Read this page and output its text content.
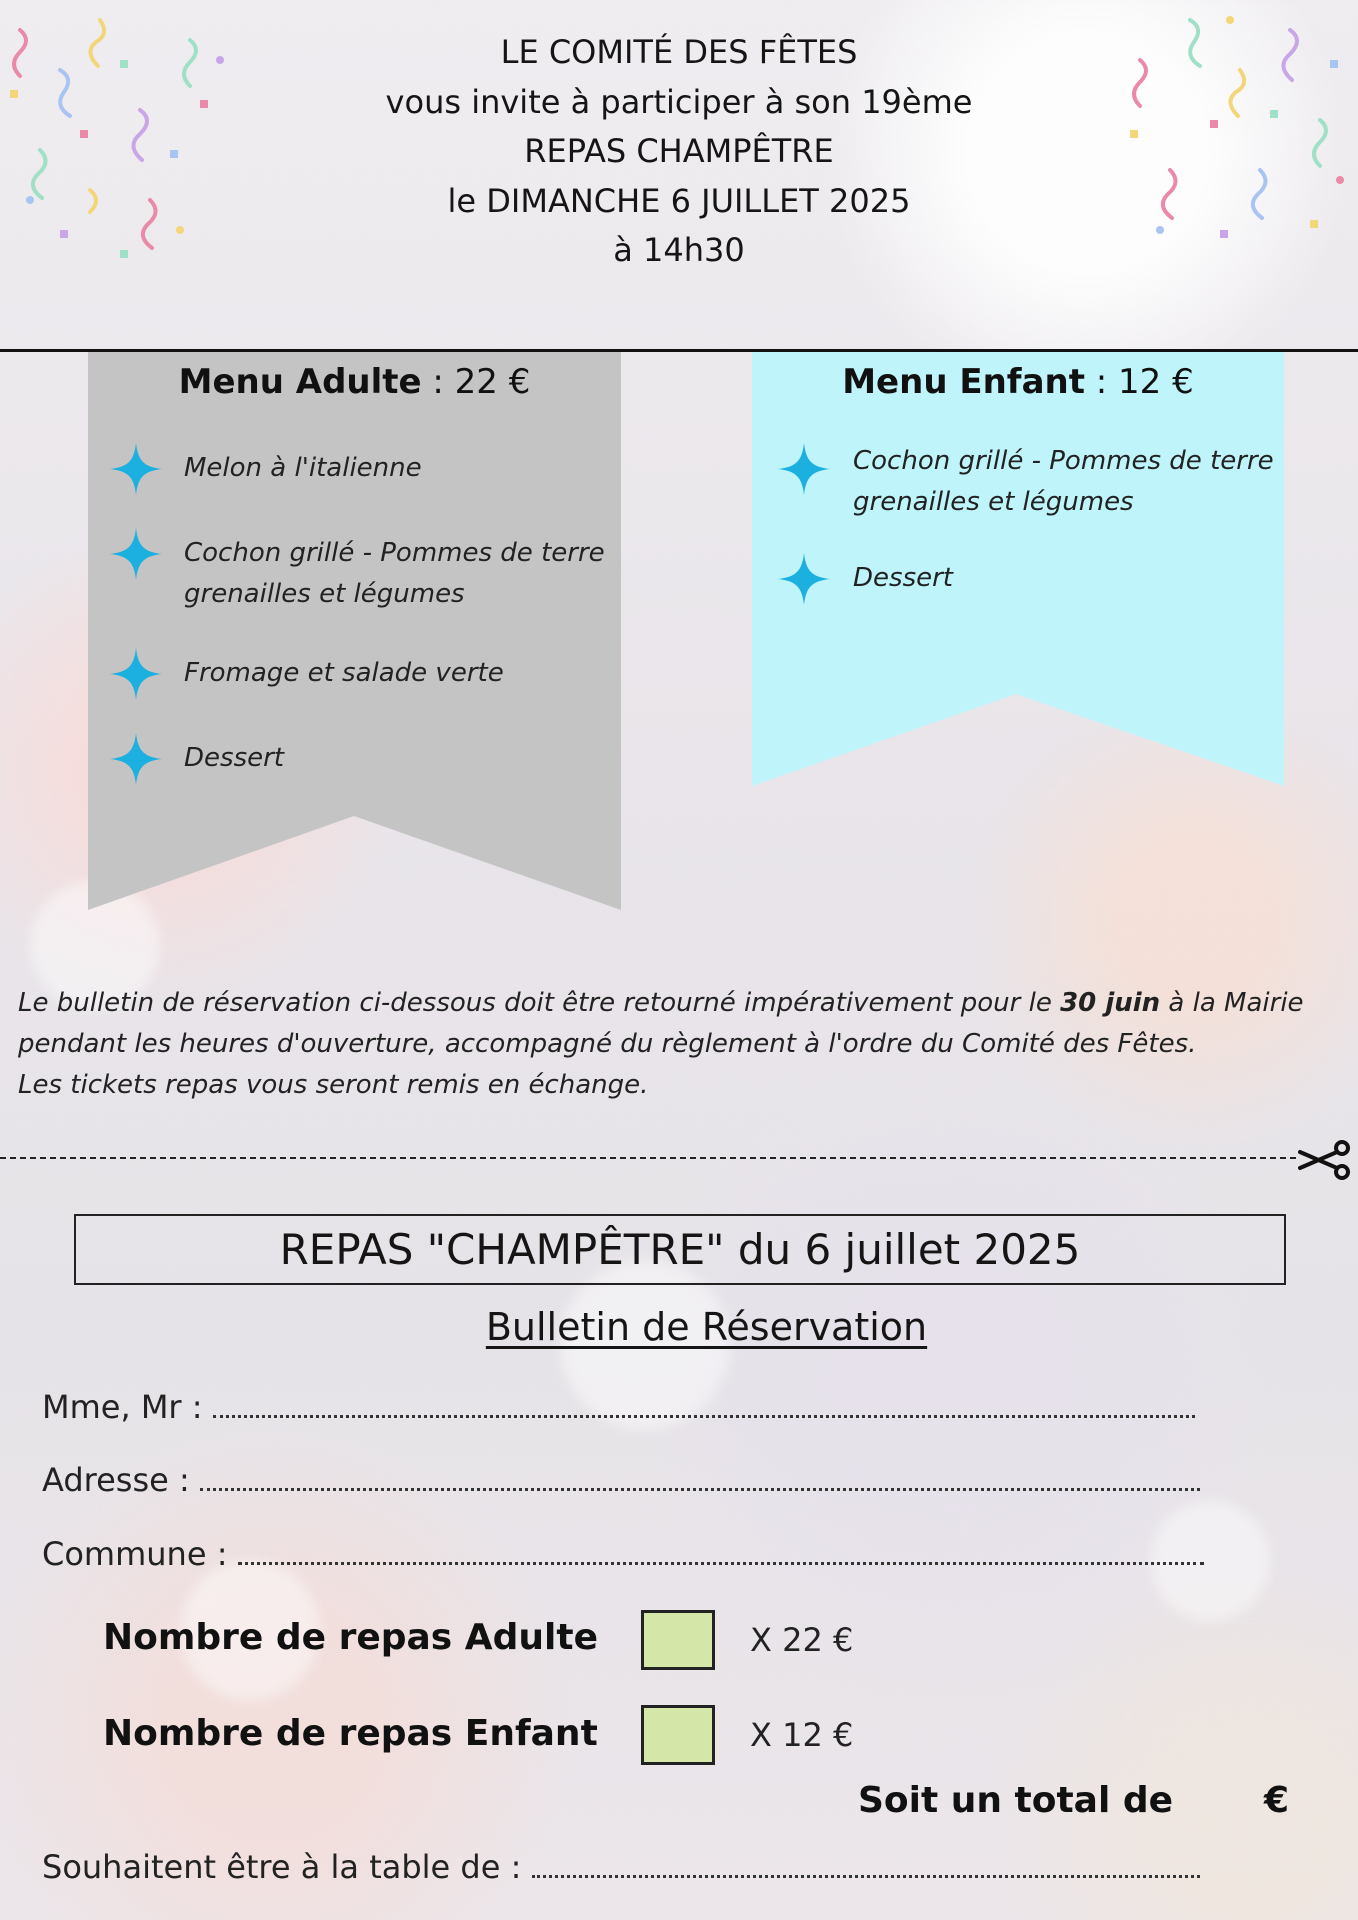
LE COMITÉ DES FÊTES
vous invite à participer à son 19ème
REPAS CHAMPÊTRE
le DIMANCHE 6 JUILLET 2025
à 14h30
Menu Adulte : 22 €	Menu Enfant : 12 €
Melon à l'italienne
Cochon grillé - Pommes de terre grenailles et légumes
Fromage et salade verte
Dessert
Cochon grillé - Pommes de terre grenailles et légumes
Dessert
Le bulletin de réservation ci-dessous doit être retourné impérativement pour le 30 juin à la Mairie pendant les heures d'ouverture, accompagné du règlement à l'ordre du Comité des Fêtes.
Les tickets repas vous seront remis en échange.
REPAS "CHAMPÊTRE" du 6 juillet 2025
Bulletin de Réservation
Mme, Mr :
Adresse :
Commune :
Nombre de repas Adulte	X 22 €
Nombre de repas Enfant	X 12 €
Soit un total de	€
Souhaitent être à la table de :
